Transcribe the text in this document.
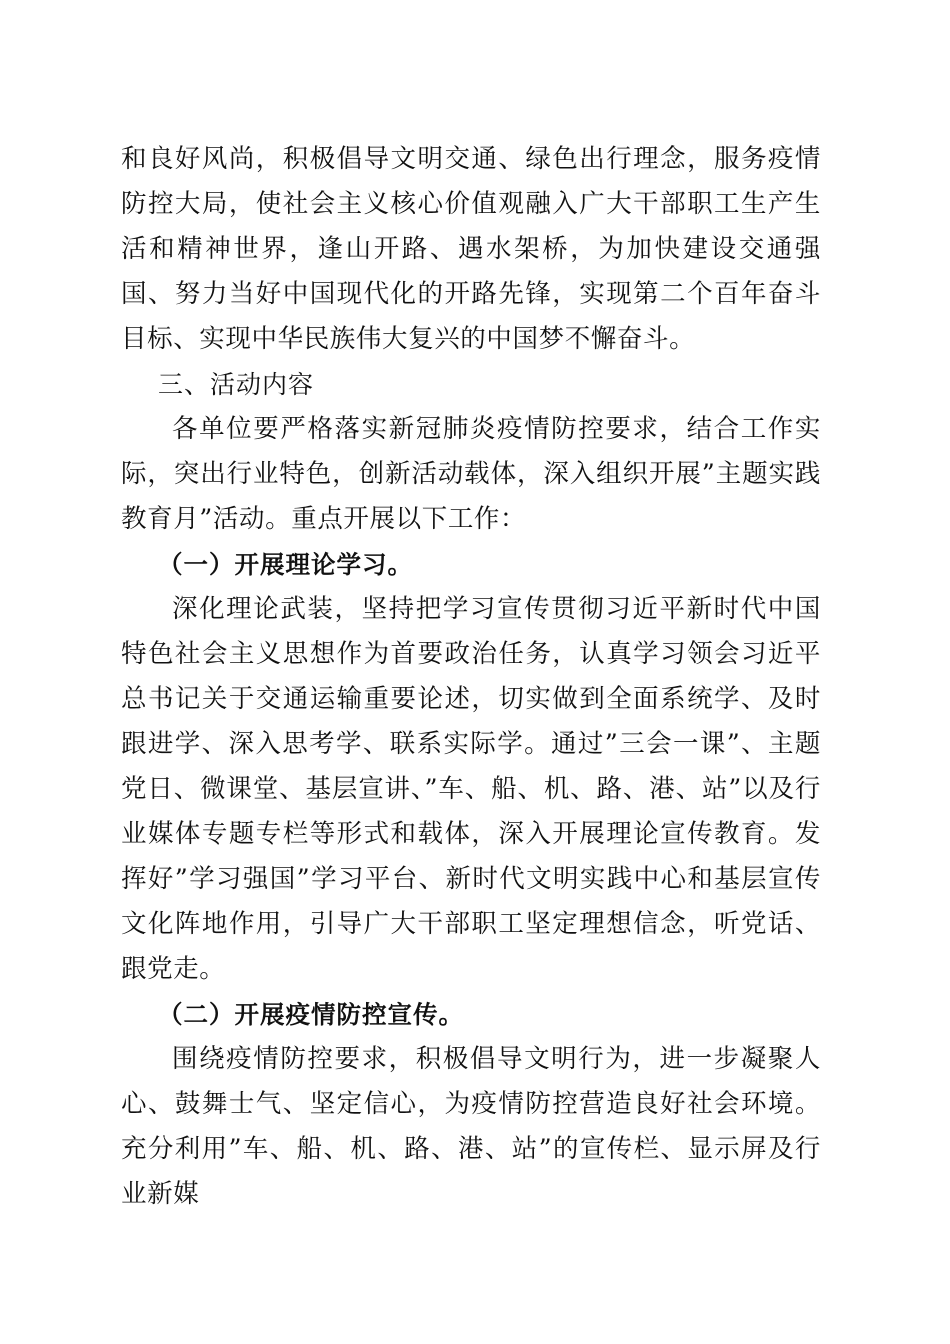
和良好风尚，积极倡导文明交通、绿色出行理念，服务疫情防控大局，使社会主义核心价值观融入广大干部职工生产生活和精神世界，逢山开路、遇水架桥，为加快建设交通强国、努力当好中国现代化的开路先锋，实现第二个百年奋斗目标、实现中华民族伟大复兴的中国梦不懈奋斗。

三、活动内容

各单位要严格落实新冠肺炎疫情防控要求，结合工作实际，突出行业特色，创新活动载体，深入组织开展”主题实践教育月”活动。重点开展以下工作：

（一）开展理论学习。

深化理论武装，坚持把学习宣传贯彻习近平新时代中国特色社会主义思想作为首要政治任务，认真学习领会习近平总书记关于交通运输重要论述，切实做到全面系统学、及时跟进学、深入思考学、联系实际学。通过”三会一课”、主题党日、微课堂、基层宣讲、”车、船、机、路、港、站”以及行业媒体专题专栏等形式和载体，深入开展理论宣传教育。发挥好”学习强国”学习平台、新时代文明实践中心和基层宣传文化阵地作用，引导广大干部职工坚定理想信念，听党话、跟党走。

（二）开展疫情防控宣传。

围绕疫情防控要求，积极倡导文明行为，进一步凝聚人心、鼓舞士气、坚定信心，为疫情防控营造良好社会环境。充分利用”车、船、机、路、港、站”的宣传栏、显示屏及行业新媒
